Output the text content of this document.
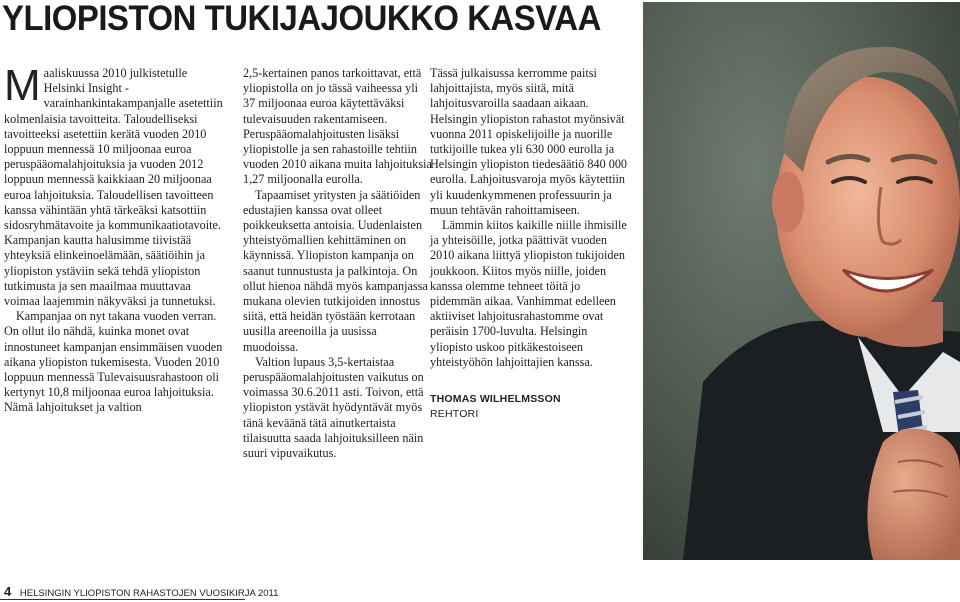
YLIOPISTON TUKIJAJOUKKO KASVAA

Maaliskuussa 2010 julkistetulle Helsinki Insight -varainhankintakampanjalle asetettiin kolmenlaisia tavoitteita. Taloudelliseksi tavoitteeksi asetettiin kerätä vuoden 2010 loppuun mennessä 10 miljoonaa euroa peruspääomalahjoituksia ja vuoden 2012 loppuun mennessä kaikkiaan 20 miljoonaa euroa lahjoituksia. Taloudellisen tavoitteen kanssa vähintään yhtä tärkeäksi katsottiin sidosryhmätavoite ja kommunikaatiotavoite. Kampanjan kautta halusimme tiivistää yhteyksiä elinkeinoelämään, säätiöihin ja yliopiston ystäviin sekä tehdä yliopiston tutkimusta ja sen maailmaa muuttavaa voimaa laajemmin näkyväksi ja tunnetuksi.

Kampanjaa on nyt takana vuoden verran. On ollut ilo nähdä, kuinka monet ovat innostuneet kampanjan ensimmäisen vuoden aikana yliopiston tukemisesta. Vuoden 2010 loppuun mennessä Tulevaisuusrahastoon oli kertynyt 10,8 miljoonaa euroa lahjoituksia. Nämä lahjoitukset ja valtion

2,5-kertainen panos tarkoittavat, että yliopistolla on jo tässä vaiheessa yli 37 miljoonaa euroa käytettäväksi tulevaisuuden rakentamiseen. Peruspääomalahjoitusten lisäksi yliopistolle ja sen rahastoille tehtiin vuoden 2010 aikana muita lahjoituksia 1,27 miljoonalla eurolla.

Tapaamiset yritysten ja säätiöiden edustajien kanssa ovat olleet poikkeuksetta antoisia. Uudenlaisten yhteistyömallien kehittäminen on käynnissä. Yliopiston kampanja on saanut tunnustusta ja palkintoja. On ollut hienoa nähdä myös kampanjassa mukana olevien tutkijoiden innostus siitä, että heidän työstään kerrotaan uusilla areenoilla ja uusissa muodoissa.

Valtion lupaus 3,5-kertaistaa peruspääomalahjoitusten vaikutus on voimassa 30.6.2011 asti. Toivon, että yliopiston ystävät hyödyntävät myös tänä keväänä tätä ainutkertaista tilaisuutta saada lahjoituksilleen näin suuri vipuvaikutus.

Tässä julkaisussa kerromme paitsi lahjoittajista, myös siitä, mitä lahjoitusvaroilla saadaan aikaan. Helsingin yliopiston rahastot myönsivät vuonna 2011 opiskelijoille ja nuorille tutkijoille tukea yli 630 000 eurolla ja Helsingin yliopiston tiedesäätiö 840 000 eurolla. Lahjoitusvaroja myös käytettiin yli kuudenkymmenen professuurin ja muun tehtävän rahoittamiseen.

Lämmin kiitos kaikille niille ihmisille ja yhteisöille, jotka päättivät vuoden 2010 aikana liittyä yliopiston tukijoiden joukkoon. Kiitos myös niille, joiden kanssa olemme tehneet töitä jo pidemmän aikaa. Vanhimmat edelleen aktiiviset lahjoitusrahastomme ovat peräisin 1700-luvulta. Helsingin yliopisto uskoo pitkäkestoiseen yhteistyöhön lahjoittajien kanssa.

THOMAS WILHELMSSON

REHTORI

4 HELSINGIN YLIOPISTON RAHASTOJEN VUOSIKIRJA 2011
